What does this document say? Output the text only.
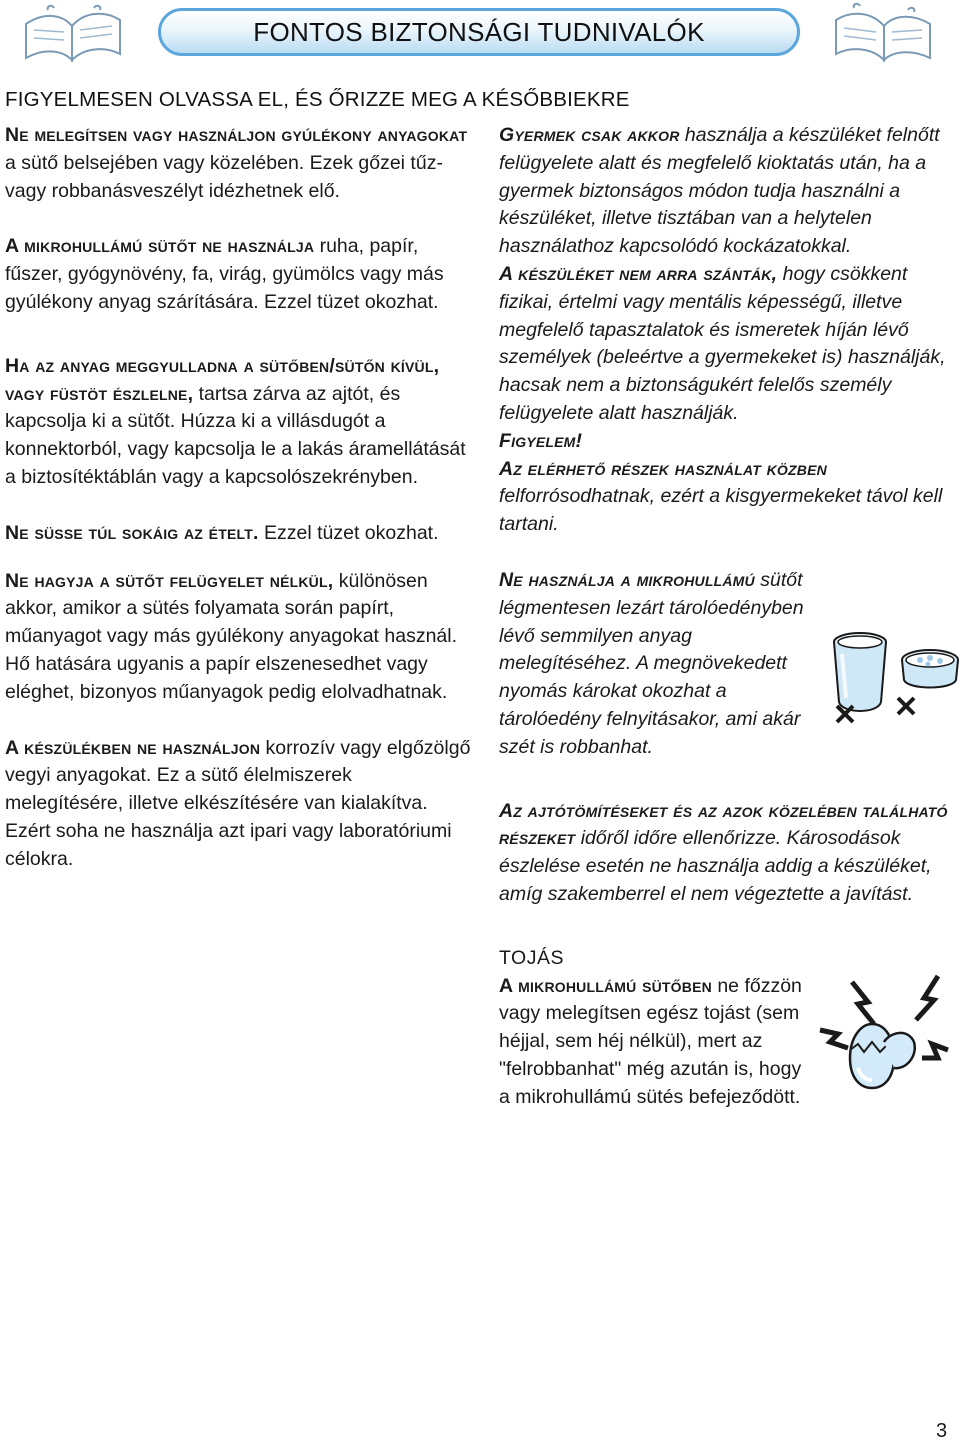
FONTOS BIZTONSÁGI TUDNIVALÓK
FIGYELMESEN OLVASSA EL, ÉS ŐRIZZE MEG A KÉSŐBBIEKRE

Ne melegítsen vagy használjon gyúlékony anyagokat a sütő belsejében vagy közelében. Ezek gőzei tűz- vagy robbanásveszélyt idézhetnek elő.

A mikrohullámú sütőt ne használja ruha, papír, fűszer, gyógynövény, fa, virág, gyümölcs vagy más gyúlékony anyag szárítására. Ezzel tüzet okozhat.

Ha az anyag meggyulladna a sütőben/sütőn kívül, vagy füstöt észlelne, tartsa zárva az ajtót, és kapcsolja ki a sütőt. Húzza ki a villásdugót a konnektorból, vagy kapcsolja le a lakás áramellátását a biztosítéktáblán vagy a kapcsolószekrényben.

Ne süsse túl sokáig az ételt. Ezzel tüzet okozhat.

Ne hagyja a sütőt felügyelet nélkül, különösen akkor, amikor a sütés folyamata során papírt, műanyagot vagy más gyúlékony anyagokat használ. Hő hatására ugyanis a papír elszenesedhet vagy eléghet, bizonyos műanyagok pedig elolvadhatnak.

A készülékben ne használjon korrozív vagy elgőzölgő vegyi anyagokat. Ez a sütő élelmiszerek melegítésére, illetve elkészítésére van kialakítva. Ezért soha ne használja azt ipari vagy laboratóriumi célokra.

Gyermek csak akkor használja a készüléket felnőtt felügyelete alatt és megfelelő kioktatás után, ha a gyermek biztonságos módon tudja használni a készüléket, illetve tisztában van a helytelen használathoz kapcsolódó kockázatokkal.

A készüléket nem arra szánták, hogy csökkent fizikai, értelmi vagy mentális képességű, illetve megfelelő tapasztalatok és ismeretek híján lévő személyek (beleértve a gyermekeket is) használják, hacsak nem a biztonságukért felelős személy felügyelete alatt használják.

Figyelem!

Az elérhető részek használat közben

felforrósodhatnak, ezért a kisgyermekeket távol kell tartani.

Ne használja a mikrohullámú sütőt légmentesen lezárt tárolóedényben lévő semmilyen anyag melegítéséhez. A megnövekedett nyomás károkat okozhat a tárolóedény felnyitásakor, ami akár szét is robbanhat.

Az ajtótömítéseket és az azok közelében található részeket időről időre ellenőrizze. Károsodások észlelése esetén ne használja addig a készüléket, amíg szakemberrel el nem végeztette a javítást.

TOJÁS

A mikrohullámú sütőben ne főzzön vagy melegítsen egész tojást (sem héjjal, sem héj nélkül), mert az "felrobbanhat" még azután is, hogy a mikrohullámú sütés befejeződött.

3
